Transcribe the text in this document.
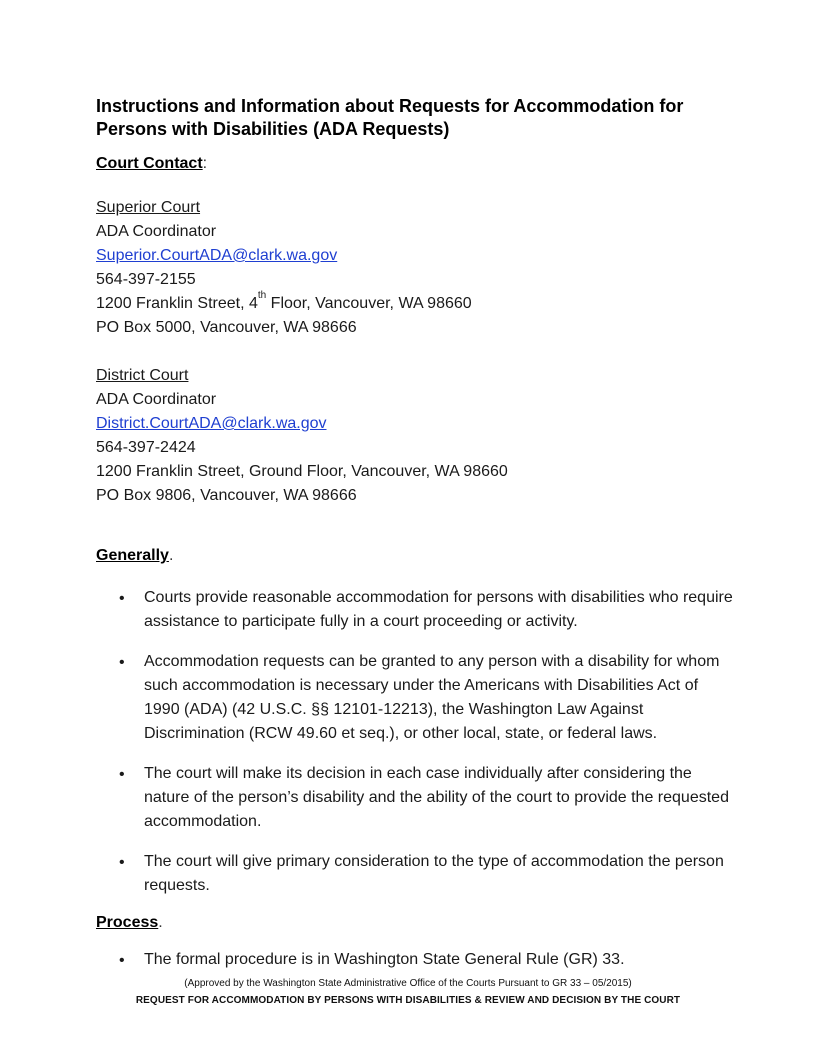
Instructions and Information about Requests for Accommodation for Persons with Disabilities (ADA Requests)
Court Contact:
Superior Court
ADA Coordinator
Superior.CourtADA@clark.wa.gov
564-397-2155
1200 Franklin Street, 4th Floor, Vancouver, WA 98660
PO Box 5000, Vancouver, WA 98666
District Court
ADA Coordinator
District.CourtADA@clark.wa.gov
564-397-2424
1200 Franklin Street, Ground Floor, Vancouver, WA 98660
PO Box 9806, Vancouver, WA 98666
Generally.
• Courts provide reasonable accommodation for persons with disabilities who require assistance to participate fully in a court proceeding or activity.
• Accommodation requests can be granted to any person with a disability for whom such accommodation is necessary under the Americans with Disabilities Act of 1990 (ADA) (42 U.S.C. §§ 12101-12213), the Washington Law Against Discrimination (RCW 49.60 et seq.), or other local, state, or federal laws.
• The court will make its decision in each case individually after considering the nature of the person’s disability and the ability of the court to provide the requested accommodation.
• The court will give primary consideration to the type of accommodation the person requests.
Process.
• The formal procedure is in Washington State General Rule (GR) 33.
(Approved by the Washington State Administrative Office of the Courts Pursuant to GR 33 – 05/2015)
REQUEST FOR ACCOMMODATION BY PERSONS WITH DISABILITIES & REVIEW AND DECISION BY THE COURT
